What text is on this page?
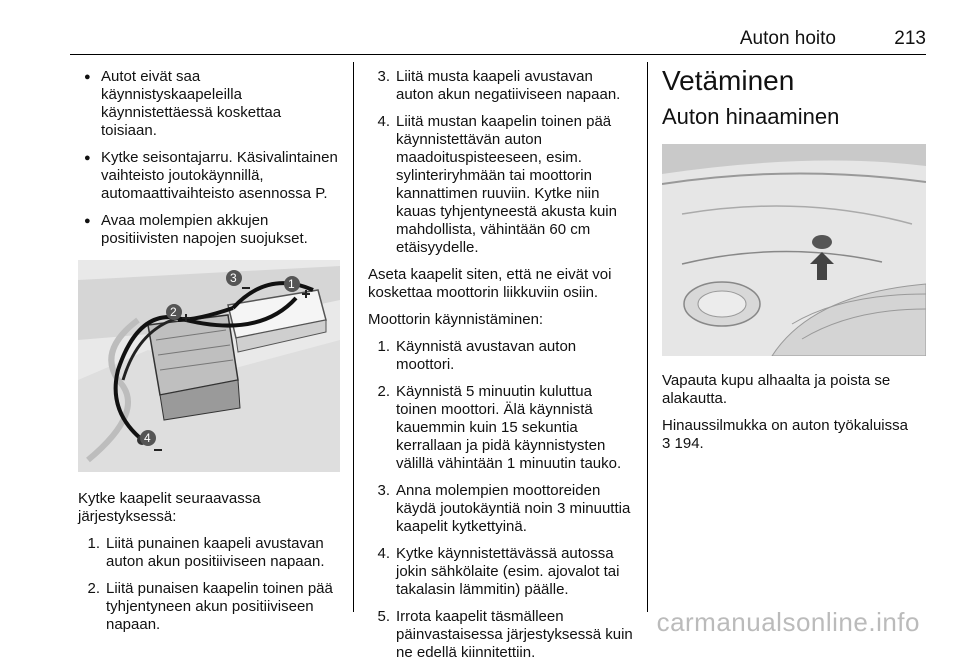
Auton hoito	213
● Autot eivät saa käynnistyskaapeleilla käynnistettäessä koskettaa toisiaan.
● Kytke seisontajarru. Käsivalintainen vaihteisto joutokäynnillä, automaattivaihteisto asennossa P.
● Avaa molempien akkujen positiivisten napojen suojukset.
3	1
2
4

Kytke kaapelit seuraavassa järjestyksessä:

1. Liitä punainen kaapeli avustavan auton akun positiiviseen napaan.
2. Liitä punaisen kaapelin toinen pää tyhjentyneen akun positiiviseen napaan.
3. Liitä musta kaapeli avustavan auton akun negatiiviseen napaan.
4. Liitä mustan kaapelin toinen pää käynnistettävän auton maadoituspisteeseen, esim. sylinteriryhmään tai moottorin kannattimen ruuviin. Kytke niin kauas tyhjentyneestä akusta kuin mahdollista, vähintään 60 cm etäisyydelle.

Aseta kaapelit siten, että ne eivät voi koskettaa moottorin liikkuviin osiin.

Moottorin käynnistäminen:

1. Käynnistä avustavan auton moottori.
2. Käynnistä 5 minuutin kuluttua toinen moottori. Älä käynnistä kauemmin kuin 15 sekuntia kerrallaan ja pidä käynnistysten välillä vähintään 1 minuutin tauko.
3. Anna molempien moottoreiden käydä joutokäyntiä noin 3 minuuttia kaapelit kytkettyinä.
4. Kytke käynnistettävässä autossa jokin sähkölaite (esim. ajovalot tai takalasin lämmitin) päälle.
5. Irrota kaapelit täsmälleen päinvastaisessa järjestyksessä kuin ne edellä kiinnitettiin.
Vetäminen
Auton hinaaminen

Vapauta kupu alhaalta ja poista se alakautta.

Hinaussilmukka on auton työkaluissa

3 194.

carmanualsonline.info
